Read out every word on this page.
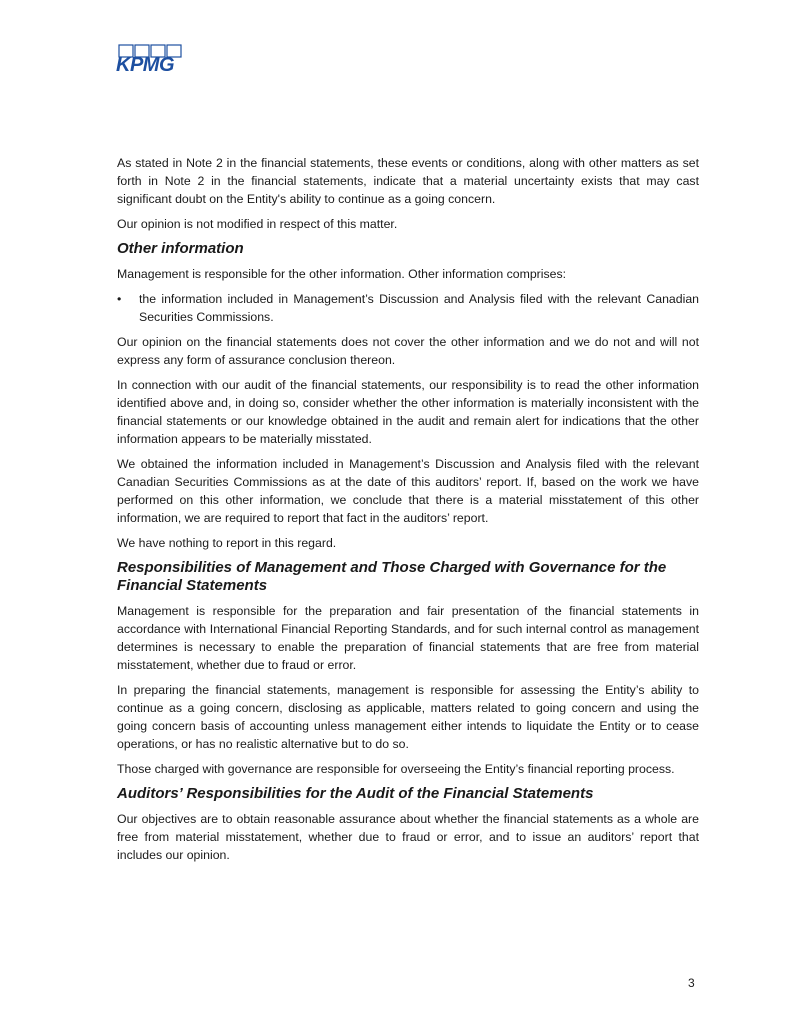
KPMG

As stated in Note 2 in the financial statements, these events or conditions, along with other matters as set forth in Note 2 in the financial statements, indicate that a material uncertainty exists that may cast significant doubt on the Entity's ability to continue as a going concern.

Our opinion is not modified in respect of this matter.

Other information

Management is responsible for the other information. Other information comprises:

• the information included in Management’s Discussion and Analysis filed with the relevant Canadian Securities Commissions.

Our opinion on the financial statements does not cover the other information and we do not and will not express any form of assurance conclusion thereon.

In connection with our audit of the financial statements, our responsibility is to read the other information identified above and, in doing so, consider whether the other information is materially inconsistent with the financial statements or our knowledge obtained in the audit and remain alert for indications that the other information appears to be materially misstated.

We obtained the information included in Management’s Discussion and Analysis filed with the relevant Canadian Securities Commissions as at the date of this auditors’ report. If, based on the work we have performed on this other information, we conclude that there is a material misstatement of this other information, we are required to report that fact in the auditors’ report.

We have nothing to report in this regard.

Responsibilities of Management and Those Charged with Governance for the Financial Statements

Management is responsible for the preparation and fair presentation of the financial statements in accordance with International Financial Reporting Standards, and for such internal control as management determines is necessary to enable the preparation of financial statements that are free from material misstatement, whether due to fraud or error.

In preparing the financial statements, management is responsible for assessing the Entity’s ability to continue as a going concern, disclosing as applicable, matters related to going concern and using the going concern basis of accounting unless management either intends to liquidate the Entity or to cease operations, or has no realistic alternative but to do so.

Those charged with governance are responsible for overseeing the Entity’s financial reporting process.

Auditors’ Responsibilities for the Audit of the Financial Statements

Our objectives are to obtain reasonable assurance about whether the financial statements as a whole are free from material misstatement, whether due to fraud or error, and to issue an auditors’ report that includes our opinion.

3
